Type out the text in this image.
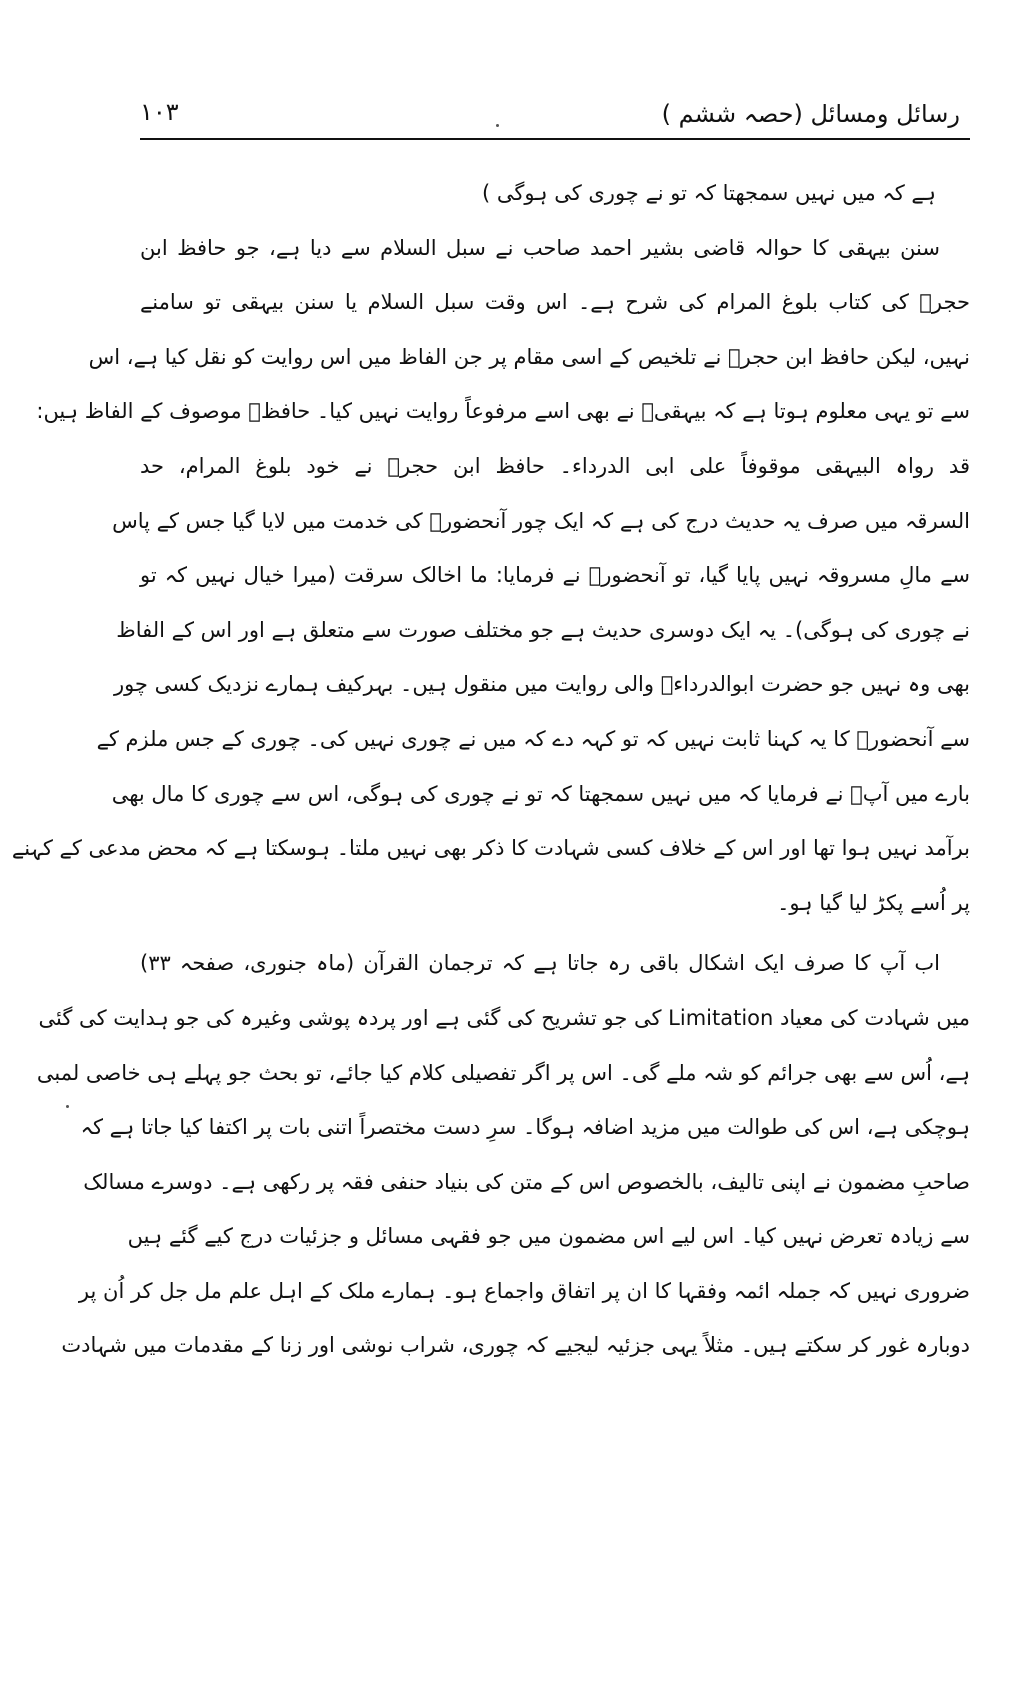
رسائل ومسائل (حصہ ششم )
۱۰۳
ہے کہ میں نہیں سمجھتا کہ تو نے چوری کی ہوگی )
سنن بیہقی کا حوالہ قاضی بشیر احمد صاحب نے سبل السلام سے دیا ہے، جو حافظ ابن
حجرؒ کی کتاب بلوغ المرام کی شرح ہے۔ اس وقت سبل السلام یا سنن بیہقی تو سامنے
نہیں، لیکن حافظ ابن حجرؒ نے تلخیص کے اسی مقام پر جن الفاظ میں اس روایت کو نقل کیا ہے، اس
سے تو یہی معلوم ہوتا ہے کہ بیہقیؒ نے بھی اسے مرفوعاً روایت نہیں کیا۔ حافظؒ موصوف کے الفاظ ہیں:
قد رواہ البیہقی موقوفاً علی ابی الدرداء۔ حافظ ابن حجرؒ نے خود بلوغ المرام، حد
السرقہ میں صرف یہ حدیث درج کی ہے کہ ایک چور آنحضورؐ کی خدمت میں لایا گیا جس کے پاس
سے مالِ مسروقہ نہیں پایا گیا، تو آنحضورؐ نے فرمایا: ما اخالک سرقت (میرا خیال نہیں کہ تو
نے چوری کی ہوگی)۔ یہ ایک دوسری حدیث ہے جو مختلف صورت سے متعلق ہے اور اس کے الفاظ
بھی وہ نہیں جو حضرت ابوالدرداءؓ والی روایت میں منقول ہیں۔ بہرکیف ہمارے نزدیک کسی چور
سے آنحضورؐ کا یہ کہنا ثابت نہیں کہ تو کہہ دے کہ میں نے چوری نہیں کی۔ چوری کے جس ملزم کے
بارے میں آپؐ نے فرمایا کہ میں نہیں سمجھتا کہ تو نے چوری کی ہوگی، اس سے چوری کا مال بھی
برآمد نہیں ہوا تھا اور اس کے خلاف کسی شہادت کا ذکر بھی نہیں ملتا۔ ہوسکتا ہے کہ محض مدعی کے کہنے
پر اُسے پکڑ لیا گیا ہو۔
اب آپ کا صرف ایک اشکال باقی رہ جاتا ہے کہ ترجمان القرآن (ماہ جنوری، صفحہ ۳۳)
میں شہادت کی معیاد Limitation کی جو تشریح کی گئی ہے اور پردہ پوشی وغیرہ کی جو ہدایت کی گئی
ہے، اُس سے بھی جرائم کو شہ ملے گی۔ اس پر اگر تفصیلی کلام کیا جائے، تو بحث جو پہلے ہی خاصی لمبی
ہوچکی ہے، اس کی طوالت میں مزید اضافہ ہوگا۔ سرِ دست مختصراً اتنی بات پر اکتفا کیا جاتا ہے کہ
صاحبِ مضمون نے اپنی تالیف، بالخصوص اس کے متن کی بنیاد حنفی فقہ پر رکھی ہے۔ دوسرے مسالک
سے زیادہ تعرض نہیں کیا۔ اس لیے اس مضمون میں جو فقہی مسائل و جزئیات درج کیے گئے ہیں
ضروری نہیں کہ جملہ ائمہ وفقہا کا ان پر اتفاق واجماع ہو۔ ہمارے ملک کے اہل علم مل جل کر اُن پر
دوبارہ غور کر سکتے ہیں۔ مثلاً یہی جزئیہ لیجیے کہ چوری، شراب نوشی اور زنا کے مقدمات میں شہادت
